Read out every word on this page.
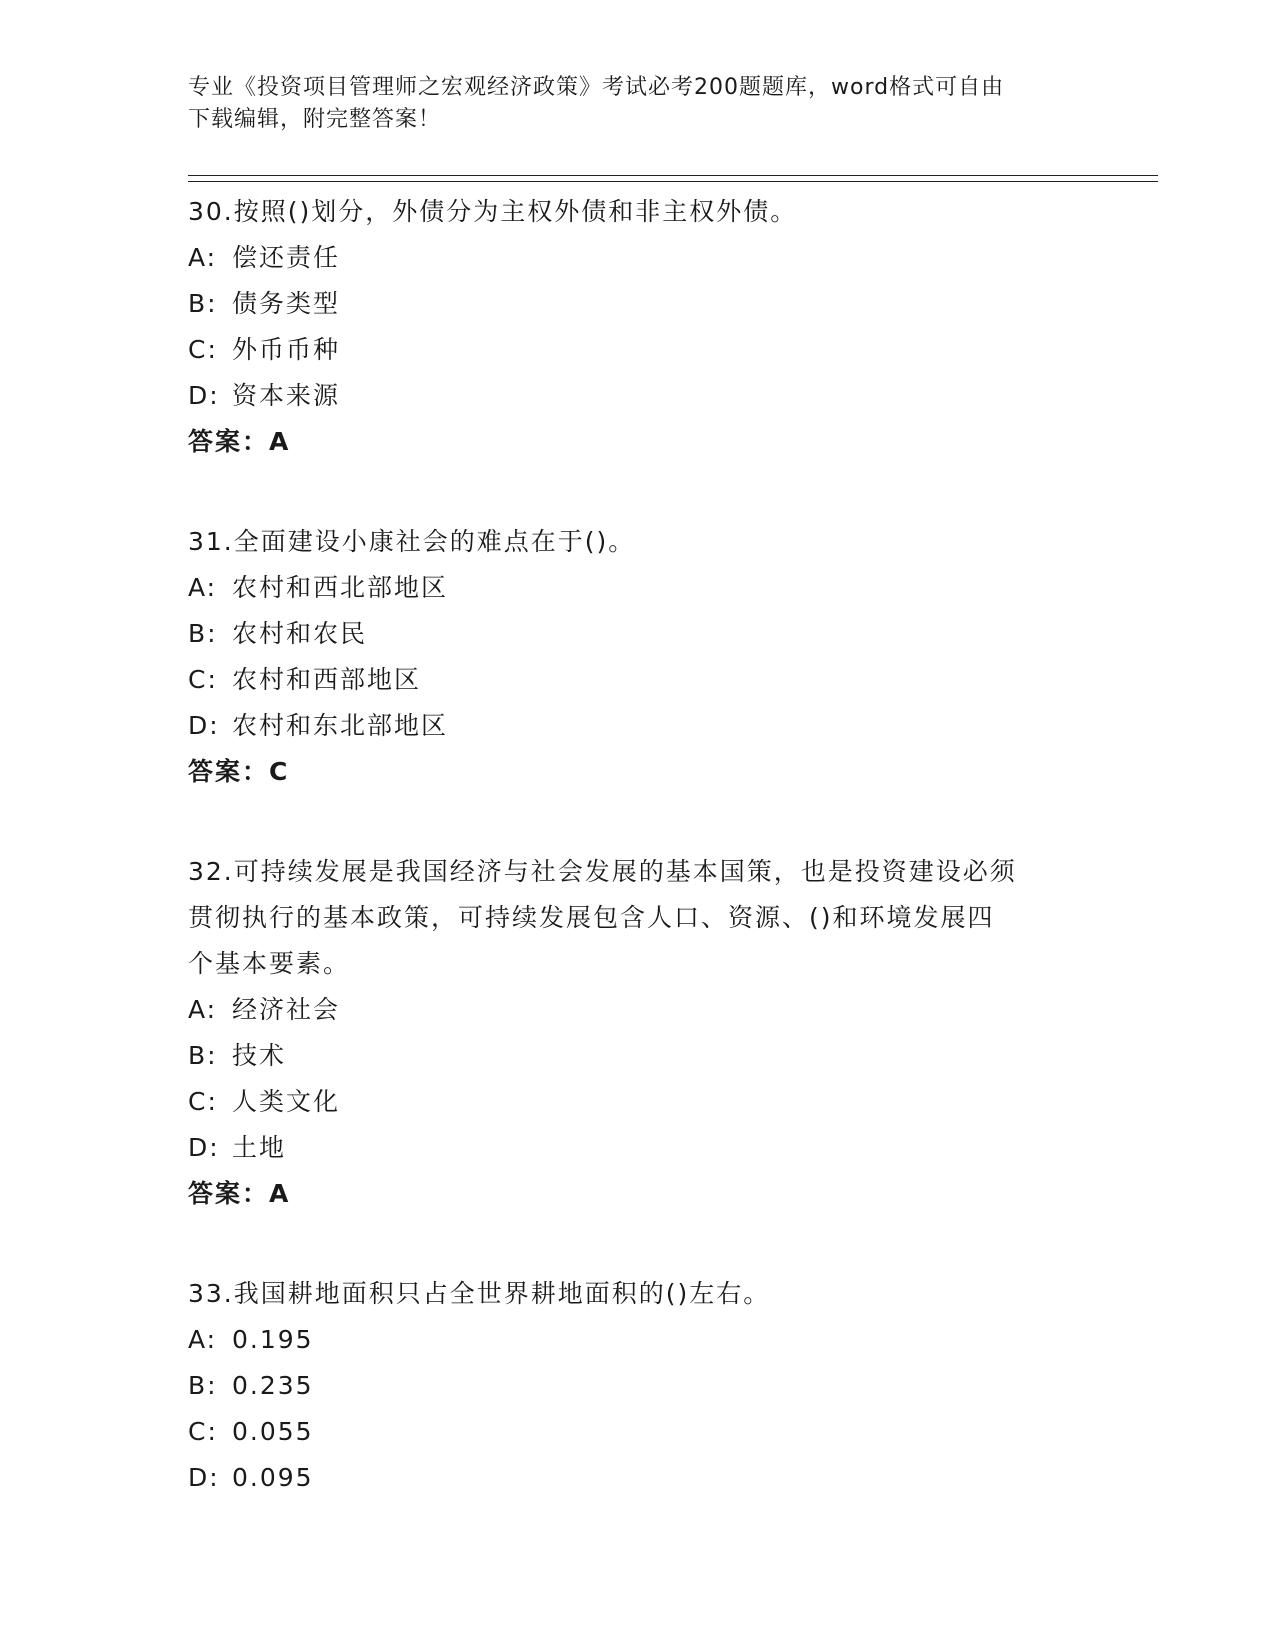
专业《投资项目管理师之宏观经济政策》考试必考200题题库，word格式可自由

下载编辑，附完整答案！

30.按照()划分，外债分为主权外债和非主权外债。

A: 偿还责任

B: 债务类型

C: 外币币种

D: 资本来源

答案：A

31.全面建设小康社会的难点在于()。

A: 农村和西北部地区

B: 农村和农民

C: 农村和西部地区

D: 农村和东北部地区

答案：C

32.可持续发展是我国经济与社会发展的基本国策，也是投资建设必须

贯彻执行的基本政策，可持续发展包含人口、资源、()和环境发展四

个基本要素。

A: 经济社会

B: 技术

C: 人类文化

D: 土地

答案：A

33.我国耕地面积只占全世界耕地面积的()左右。

A: 0.195

B: 0.235

C: 0.055

D: 0.095
